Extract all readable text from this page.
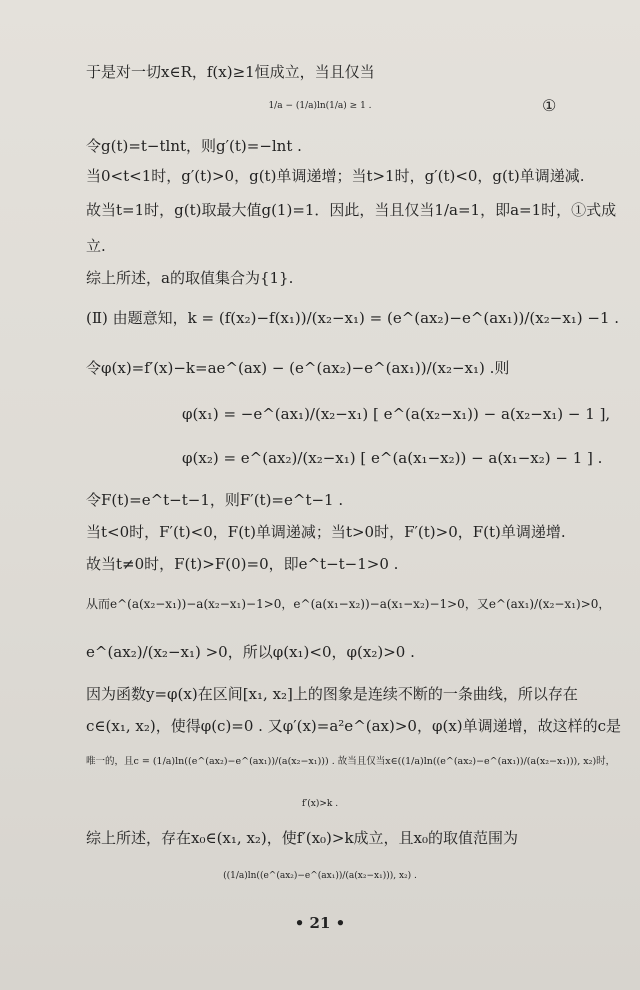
于是对一切x∈R，f(x)≥1恒成立，当且仅当
1/a − (1/a)ln(1/a) ≥ 1 .	①
令g(t)=t−tlnt，则g′(t)=−lnt .
当0<t<1时，g′(t)>0，g(t)单调递增；当t>1时，g′(t)<0，g(t)单调递减.
故当t=1时，g(t)取最大值g(1)=1．因此，当且仅当1/a=1，即a=1时，①式成
立.
综上所述，a的取值集合为{1}.
(Ⅱ) 由题意知，k = (f(x₂)−f(x₁))/(x₂−x₁) = (e^(ax₂)−e^(ax₁))/(x₂−x₁) −1 .
令φ(x)=f′(x)−k=ae^(ax) − (e^(ax₂)−e^(ax₁))/(x₂−x₁) .则
φ(x₁) = −e^(ax₁)/(x₂−x₁) [ e^(a(x₂−x₁)) − a(x₂−x₁) − 1 ],
φ(x₂) = e^(ax₂)/(x₂−x₁) [ e^(a(x₁−x₂)) − a(x₁−x₂) − 1 ] .
令F(t)=e^t−t−1，则F′(t)=e^t−1 .
当t<0时，F′(t)<0，F(t)单调递减；当t>0时，F′(t)>0，F(t)单调递增.
故当t≠0时，F(t)>F(0)=0，即e^t−t−1>0 .
从而e^(a(x₂−x₁))−a(x₂−x₁)−1>0，e^(a(x₁−x₂))−a(x₁−x₂)−1>0，又e^(ax₁)/(x₂−x₁)>0，
e^(ax₂)/(x₂−x₁) >0，所以φ(x₁)<0，φ(x₂)>0 .
因为函数y=φ(x)在区间[x₁, x₂]上的图象是连续不断的一条曲线，所以存在
c∈(x₁, x₂)，使得φ(c)=0 . 又φ′(x)=a²e^(ax)>0，φ(x)单调递增，故这样的c是
唯一的，且c = (1/a)ln((e^(ax₂)−e^(ax₁))/(a(x₂−x₁))) . 故当且仅当x∈((1/a)ln((e^(ax₂)−e^(ax₁))/(a(x₂−x₁))), x₂)时，
f′(x)>k .
综上所述，存在x₀∈(x₁, x₂)，使f′(x₀)>k成立，且x₀的取值范围为
((1/a)ln((e^(ax₂)−e^(ax₁))/(a(x₂−x₁))), x₂) .
• 21 •
